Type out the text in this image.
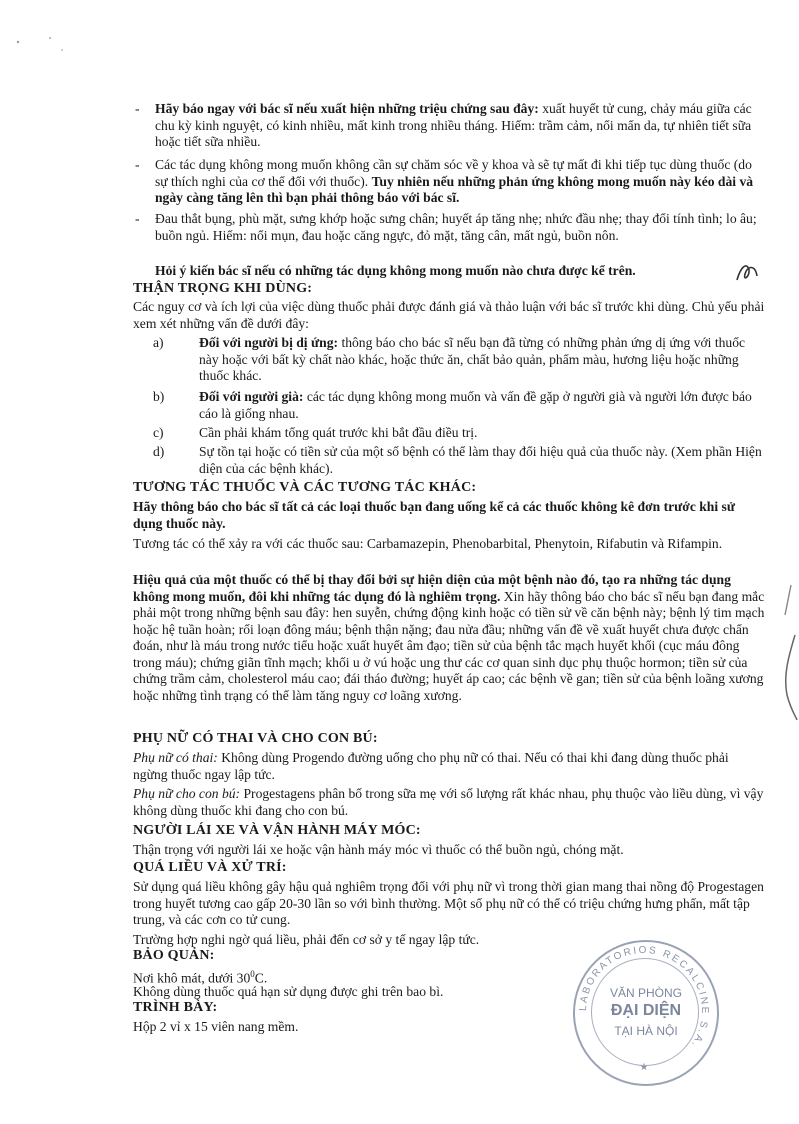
- Hãy báo ngay với bác sĩ nếu xuất hiện những triệu chứng sau đây: xuất huyết tử cung, chảy máu giữa các chu kỳ kinh nguyệt, có kinh nhiều, mất kinh trong nhiều tháng. Hiếm: trầm cảm, nổi mẩn da, tự nhiên tiết sữa hoặc tiết sữa nhiều.

- Các tác dụng không mong muốn không cần sự chăm sóc về y khoa và sẽ tự mất đi khi tiếp tục dùng thuốc (do sự thích nghi của cơ thể đối với thuốc). Tuy nhiên nếu những phản ứng không mong muốn này kéo dài và ngày càng tăng lên thì bạn phải thông báo với bác sĩ.

- Đau thắt bụng, phù mặt, sưng khớp hoặc sưng chân; huyết áp tăng nhẹ; nhức đầu nhẹ; thay đổi tính tình; lo âu; buồn ngủ. Hiếm: nổi mụn, đau hoặc căng ngực, đỏ mặt, tăng cân, mất ngủ, buồn nôn.

Hỏi ý kiến bác sĩ nếu có những tác dụng không mong muốn nào chưa được kể trên.

THẬN TRỌNG KHI DÙNG:

Các nguy cơ và ích lợi của việc dùng thuốc phải được đánh giá và thảo luận với bác sĩ trước khi dùng. Chủ yếu phải xem xét những vấn đề dưới đây:

a)	Đối với người bị dị ứng: thông báo cho bác sĩ nếu bạn đã từng có những phản ứng dị ứng với thuốc này hoặc với bất kỳ chất nào khác, hoặc thức ăn, chất bảo quản, phẩm màu, hương liệu hoặc những thuốc khác.

b)	Đối với người già: các tác dụng không mong muốn và vấn đề gặp ở người già và người lớn được báo cáo là giống nhau.

c)	Cần phải khám tổng quát trước khi bắt đầu điều trị.

d)	Sự tồn tại hoặc có tiền sử của một số bệnh có thể làm thay đổi hiệu quả của thuốc này. (Xem phần Hiện diện của các bệnh khác).

TƯƠNG TÁC THUỐC VÀ CÁC TƯƠNG TÁC KHÁC:

Hãy thông báo cho bác sĩ tất cả các loại thuốc bạn đang uống kể cả các thuốc không kê đơn trước khi sử dụng thuốc này.

Tương tác có thể xảy ra với các thuốc sau: Carbamazepin, Phenobarbital, Phenytoin, Rifabutin và Rifampin.

Hiệu quả của một thuốc có thể bị thay đổi bởi sự hiện diện của một bệnh nào đó, tạo ra những tác dụng không mong muốn, đôi khi những tác dụng đó là nghiêm trọng. Xin hãy thông báo cho bác sĩ nếu bạn đang mắc phải một trong những bệnh sau đây: hen suyễn, chứng động kinh hoặc có tiền sử về căn bệnh này; bệnh lý tim mạch hoặc hệ tuần hoàn; rối loạn đông máu; bệnh thận nặng; đau nửa đầu; những vấn đề về xuất huyết chưa được chẩn đoán, như là máu trong nước tiểu hoặc xuất huyết âm đạo; tiền sử của bệnh tắc mạch huyết khối (cục máu đông trong máu); chứng giãn tĩnh mạch; khối u ở vú hoặc ung thư các cơ quan sinh dục phụ thuộc hormon; tiền sử của chứng trầm cảm, cholesterol máu cao; đái tháo đường; huyết áp cao; các bệnh về gan; tiền sử của bệnh loãng xương hoặc những tình trạng có thể làm tăng nguy cơ loãng xương.

PHỤ NỮ CÓ THAI VÀ CHO CON BÚ:

Phụ nữ có thai: Không dùng Progendo đường uống cho phụ nữ có thai. Nếu có thai khi đang dùng thuốc phải ngừng thuốc ngay lập tức.

Phụ nữ cho con bú: Progestagens phân bố trong sữa mẹ với số lượng rất khác nhau, phụ thuộc vào liều dùng, vì vậy không dùng thuốc khi đang cho con bú.

NGƯỜI LÁI XE VÀ VẬN HÀNH MÁY MÓC:

Thận trọng với người lái xe hoặc vận hành máy móc vì thuốc có thể buồn ngủ, chóng mặt.

QUÁ LIỀU VÀ XỬ TRÍ:

Sử dụng quá liều không gây hậu quả nghiêm trọng đối với phụ nữ vì trong thời gian mang thai nồng độ Progestagen trong huyết tương cao gấp 20-30 lần so với bình thường. Một số phụ nữ có thể có triệu chứng hưng phấn, mất tập trung, và các cơn co tử cung.

Trường hợp nghi ngờ quá liều, phải đến cơ sở y tế ngay lập tức.

BẢO QUẢN:

Nơi khô mát, dưới $30^0C$.

Không dùng thuốc quá hạn sử dụng được ghi trên bao bì.

TRÌNH BÀY:

Hộp 2 vỉ x 15 viên nang mềm.

LABORATORIOS RECALCINE S.A.
★
VĂN PHÒNG
ĐẠI DIỆN
TẠI HÀ NỘI
